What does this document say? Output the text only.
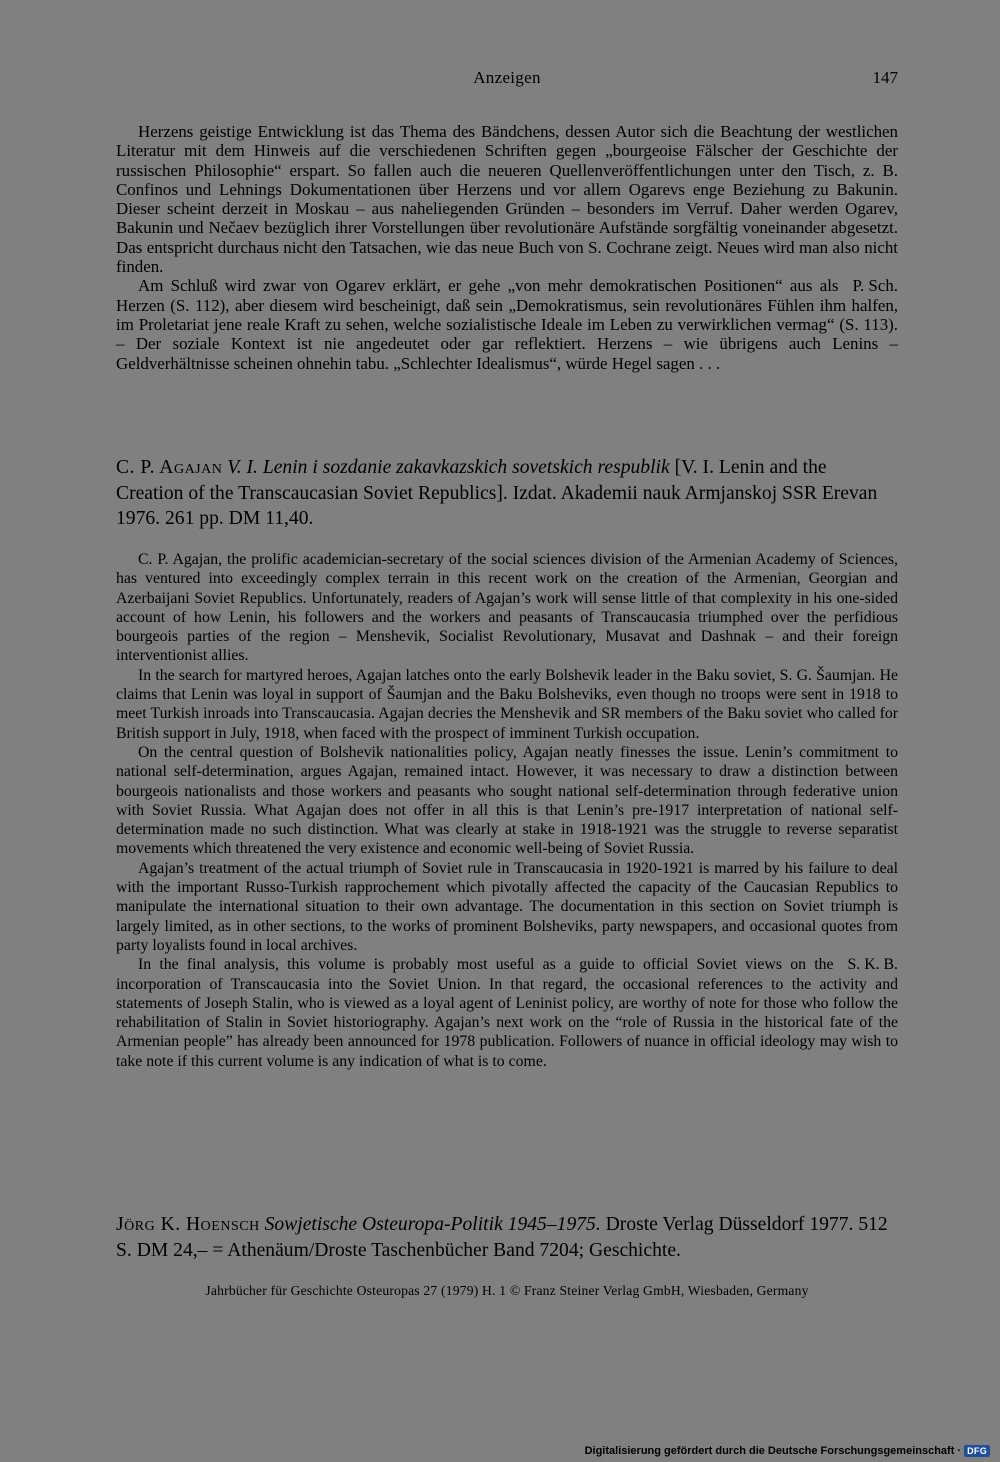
Anzeigen	147

Herzens geistige Entwicklung ist das Thema des Bändchens, dessen Autor sich die Beachtung der westlichen Literatur mit dem Hinweis auf die verschiedenen Schriften gegen „bourgeoise Fälscher der Geschichte der russischen Philosophie“ erspart. So fallen auch die neueren Quellenveröffentlichungen unter den Tisch, z. B. Confinos und Lehnings Dokumentationen über Herzens und vor allem Ogarevs enge Beziehung zu Bakunin. Dieser scheint derzeit in Moskau – aus naheliegenden Gründen – besonders im Verruf. Daher werden Ogarev, Bakunin und Nečaev bezüglich ihrer Vorstellungen über revolutionäre Aufstände sorgfältig voneinander abgesetzt. Das entspricht durchaus nicht den Tatsachen, wie das neue Buch von S. Cochrane zeigt. Neues wird man also nicht finden.

P. Sch.
Am Schluß wird zwar von Ogarev erklärt, er gehe „von mehr demokratischen Positionen“ aus als Herzen (S. 112), aber diesem wird bescheinigt, daß sein „Demokratismus, sein revolutionäres Fühlen ihm halfen, im Proletariat jene reale Kraft zu sehen, welche sozialistische Ideale im Leben zu verwirklichen vermag“ (S. 113). – Der soziale Kontext ist nie angedeutet oder gar reflektiert. Herzens – wie übrigens auch Lenins – Geldverhältnisse scheinen ohnehin tabu. „Schlechter Idealismus“, würde Hegel sagen . . .

C. P. Agajan V. I. Lenin i sozdanie zakavkazskich sovetskich respublik [V. I. Lenin and the Creation of the Transcaucasian Soviet Republics]. Izdat. Akademii nauk Armjanskoj SSR Erevan 1976. 261 pp. DM 11,40.

C. P. Agajan, the prolific academician-secretary of the social sciences division of the Armenian Academy of Sciences, has ventured into exceedingly complex terrain in this recent work on the creation of the Armenian, Georgian and Azerbaijani Soviet Republics. Unfortunately, readers of Agajan’s work will sense little of that complexity in his one-sided account of how Lenin, his followers and the workers and peasants of Transcaucasia triumphed over the perfidious bourgeois parties of the region – Menshevik, Socialist Revolutionary, Musavat and Dashnak – and their foreign interventionist allies.

In the search for martyred heroes, Agajan latches onto the early Bolshevik leader in the Baku soviet, S. G. Šaumjan. He claims that Lenin was loyal in support of Šaumjan and the Baku Bolsheviks, even though no troops were sent in 1918 to meet Turkish inroads into Transcaucasia. Agajan decries the Menshevik and SR members of the Baku soviet who called for British support in July, 1918, when faced with the prospect of imminent Turkish occupation.

On the central question of Bolshevik nationalities policy, Agajan neatly finesses the issue. Lenin’s commitment to national self-determination, argues Agajan, remained intact. However, it was necessary to draw a distinction between bourgeois nationalists and those workers and peasants who sought national self-determination through federative union with Soviet Russia. What Agajan does not offer in all this is that Lenin’s pre-1917 interpretation of national self-determination made no such distinction. What was clearly at stake in 1918-1921 was the struggle to reverse separatist movements which threatened the very existence and economic well-being of Soviet Russia.

Agajan’s treatment of the actual triumph of Soviet rule in Transcaucasia in 1920-1921 is marred by his failure to deal with the important Russo-Turkish rapprochement which pivotally affected the capacity of the Caucasian Republics to manipulate the international situation to their own advantage. The documentation in this section on Soviet triumph is largely limited, as in other sections, to the works of prominent Bolsheviks, party newspapers, and occasional quotes from party loyalists found in local archives.

S. K. B.
In the final analysis, this volume is probably most useful as a guide to official Soviet views on the incorporation of Transcaucasia into the Soviet Union. In that regard, the occasional references to the activity and statements of Joseph Stalin, who is viewed as a loyal agent of Leninist policy, are worthy of note for those who follow the rehabilitation of Stalin in Soviet historiography. Agajan’s next work on the “role of Russia in the historical fate of the Armenian people” has already been announced for 1978 publication. Followers of nuance in official ideology may wish to take note if this current volume is any indication of what is to come.

Jörg K. Hoensch Sowjetische Osteuropa-Politik 1945–1975. Droste Verlag Düsseldorf 1977. 512 S. DM 24,– = Athenäum/Droste Taschenbücher Band 7204; Geschichte.

Jahrbücher für Geschichte Osteuropas 27 (1979) H. 1 © Franz Steiner Verlag GmbH, Wiesbaden, Germany
Digitalisierung gefördert durch die Deutsche Forschungsgemeinschaft · DFG
